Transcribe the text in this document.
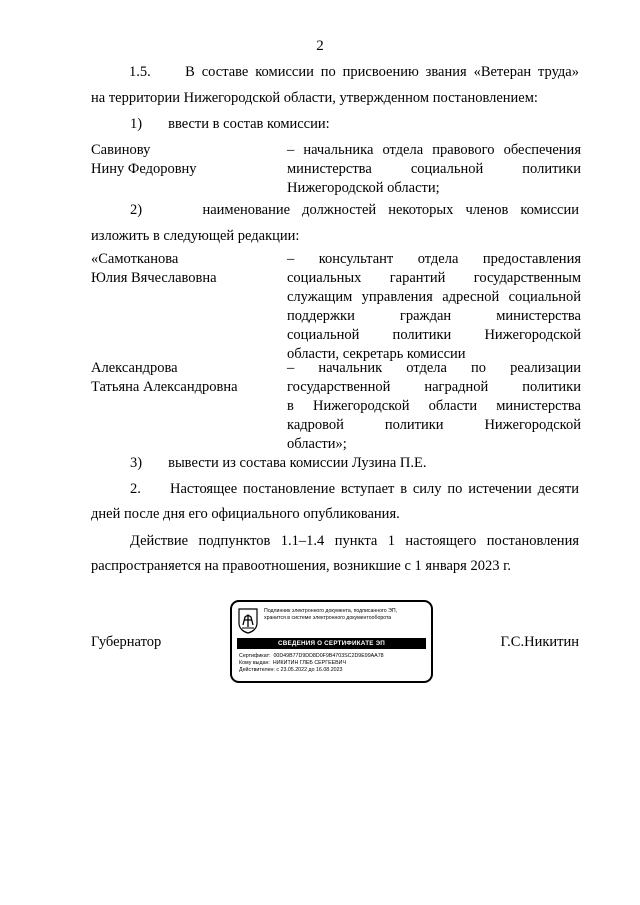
2
1.5. В составе комиссии по присвоению звания «Ветеран труда»
на территории Нижегородской области, утвержденном постановлением:
1) ввести в состав комиссии:
Савинову
Нину Федоровну
– начальника отдела правового обеспечения
министерства социальной политики
Нижегородской области;
2)	наименование должностей некоторых членов комиссии
изложить в следующей редакции:
«Самотканова
Юлия Вячеславовна
– консультант отдела предоставления
социальных гарантий государственным
служащим управления адресной социальной
поддержки граждан министерства
социальной политики Нижегородской
области, секретарь комиссии
Александрова
Татьяна Александровна
– начальник отдела по реализации
государственной наградной политики
в Нижегородской области министерства
кадровой политики Нижегородской
области»;
3) вывести из состава комиссии Лузина П.Е.
2. Настоящее постановление вступает в силу по истечении десяти
дней после дня его официального опубликования.
Действие подпунктов 1.1–1.4 пункта 1 настоящего постановления
распространяется на правоотношения, возникшие с 1 января 2023 г.
Губернатор	Г.С.Никитин
Подлинник электронного документа, подписанного ЭП,
хранится в системе электронного документооборота
СВЕДЕНИЯ О СЕРТИФИКАТЕ ЭП
Сертификат: 00D49B77D9DD8D0F9B4703SC2D9E99AA78
Кому выдан: НИКИТИН ГЛЕБ СЕРГЕЕВИЧ
Действителен: с 23.05.2022 до 16.08.2023
